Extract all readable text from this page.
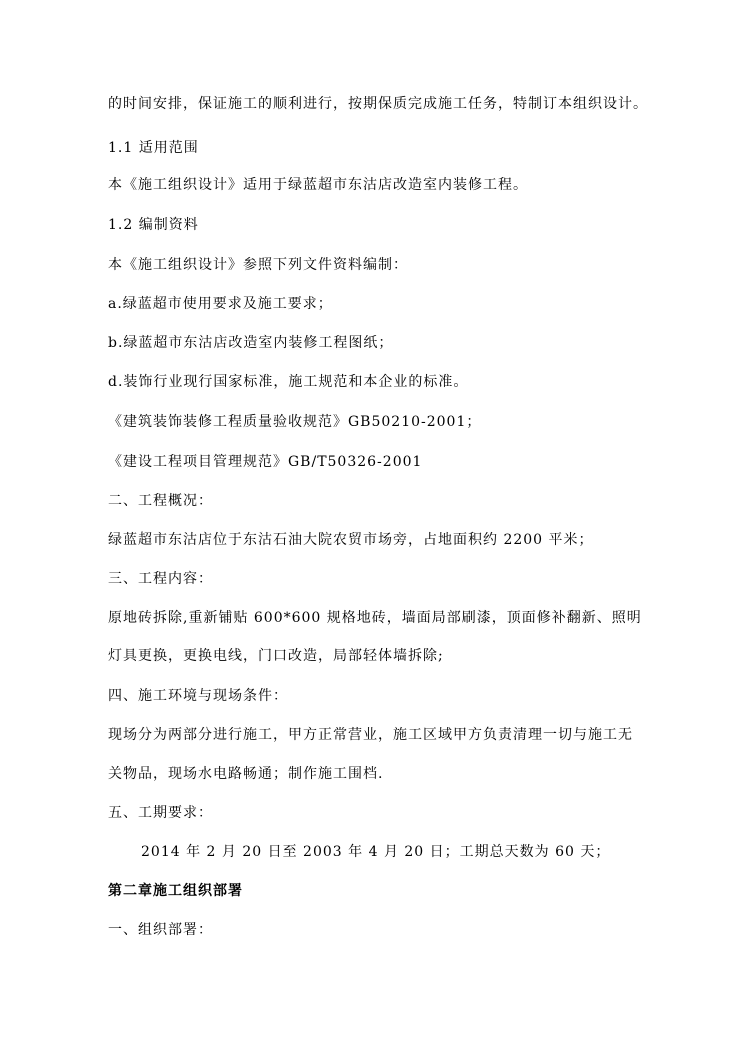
的时间安排，保证施工的顺利进行，按期保质完成施工任务，特制订本组织设计。
1.1 适用范围
本《施工组织设计》适用于绿蓝超市东沽店改造室内装修工程。
1.2 编制资料
本《施工组织设计》参照下列文件资料编制：
a.绿蓝超市使用要求及施工要求；
b.绿蓝超市东沽店改造室内装修工程图纸；
d.装饰行业现行国家标准，施工规范和本企业的标准。
《建筑装饰装修工程质量验收规范》GB50210-2001；
《建设工程项目管理规范》GB/T50326-2001
二、工程概况：
绿蓝超市东沽店位于东沽石油大院农贸市场旁，占地面积约 2200 平米；
三、工程内容：
原地砖拆除,重新铺贴 600*600 规格地砖，墙面局部刷漆，顶面修补翻新、照明
灯具更换，更换电线，门口改造，局部轻体墙拆除;
四、施工环境与现场条件：
现场分为两部分进行施工，甲方正常营业，施工区域甲方负责清理一切与施工无
关物品，现场水电路畅通；制作施工围档.
五、工期要求：
2014 年 2 月 20 日至 2003 年 4 月 20 日；工期总天数为 60 天；
第二章施工组织部署
一、组织部署：
